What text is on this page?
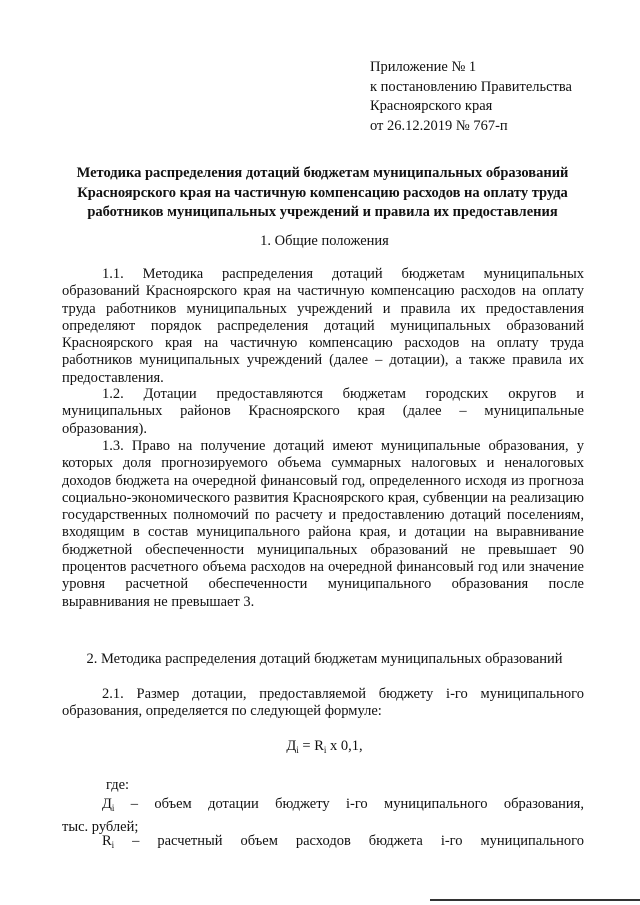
Приложение № 1
к постановлению Правительства
Красноярского края
от 26.12.2019 № 767-п
Методика распределения дотаций бюджетам муниципальных образований
Красноярского края на частичную компенсацию расходов на оплату труда
работников муниципальных учреждений и правила их предоставления
1. Общие положения

1.1. Методика распределения дотаций бюджетам муниципальных образований Красноярского края на частичную компенсацию расходов на оплату труда работников муниципальных учреждений и правила их предоставления определяют порядок распределения дотаций муниципальных образований Красноярского края на частичную компенсацию расходов на оплату труда работников муниципальных учреждений (далее – дотации), а также правила их предоставления.

1.2. Дотации предоставляются бюджетам городских округов и муниципальных районов Красноярского края (далее – муниципальные образования).

1.3. Право на получение дотаций имеют муниципальные образования, у которых доля прогнозируемого объема суммарных налоговых и неналоговых доходов бюджета на очередной финансовый год, определенного исходя из прогноза социально-экономического развития Красноярского края, субвенции на реализацию государственных полномочий по расчету и предоставлению дотаций поселениям, входящим в состав муниципального района края, и дотации на выравнивание бюджетной обеспеченности муниципальных образований не превышает 90 процентов расчетного объема расходов на очередной финансовый год или значение уровня расчетной обеспеченности муниципального образования после выравнивания не превышает 3.

2. Методика распределения дотаций бюджетам муниципальных образований

2.1. Размер дотации, предоставляемой бюджету i-го муниципального образования, определяется по следующей формуле:

$Д_i = R_i$ x 0,1,
где:
$Д_i$ – объем дотации бюджету i-го муниципального образования,
тыс. рублей;
$R_i$ – расчетный объем расходов бюджета i-го муниципального
